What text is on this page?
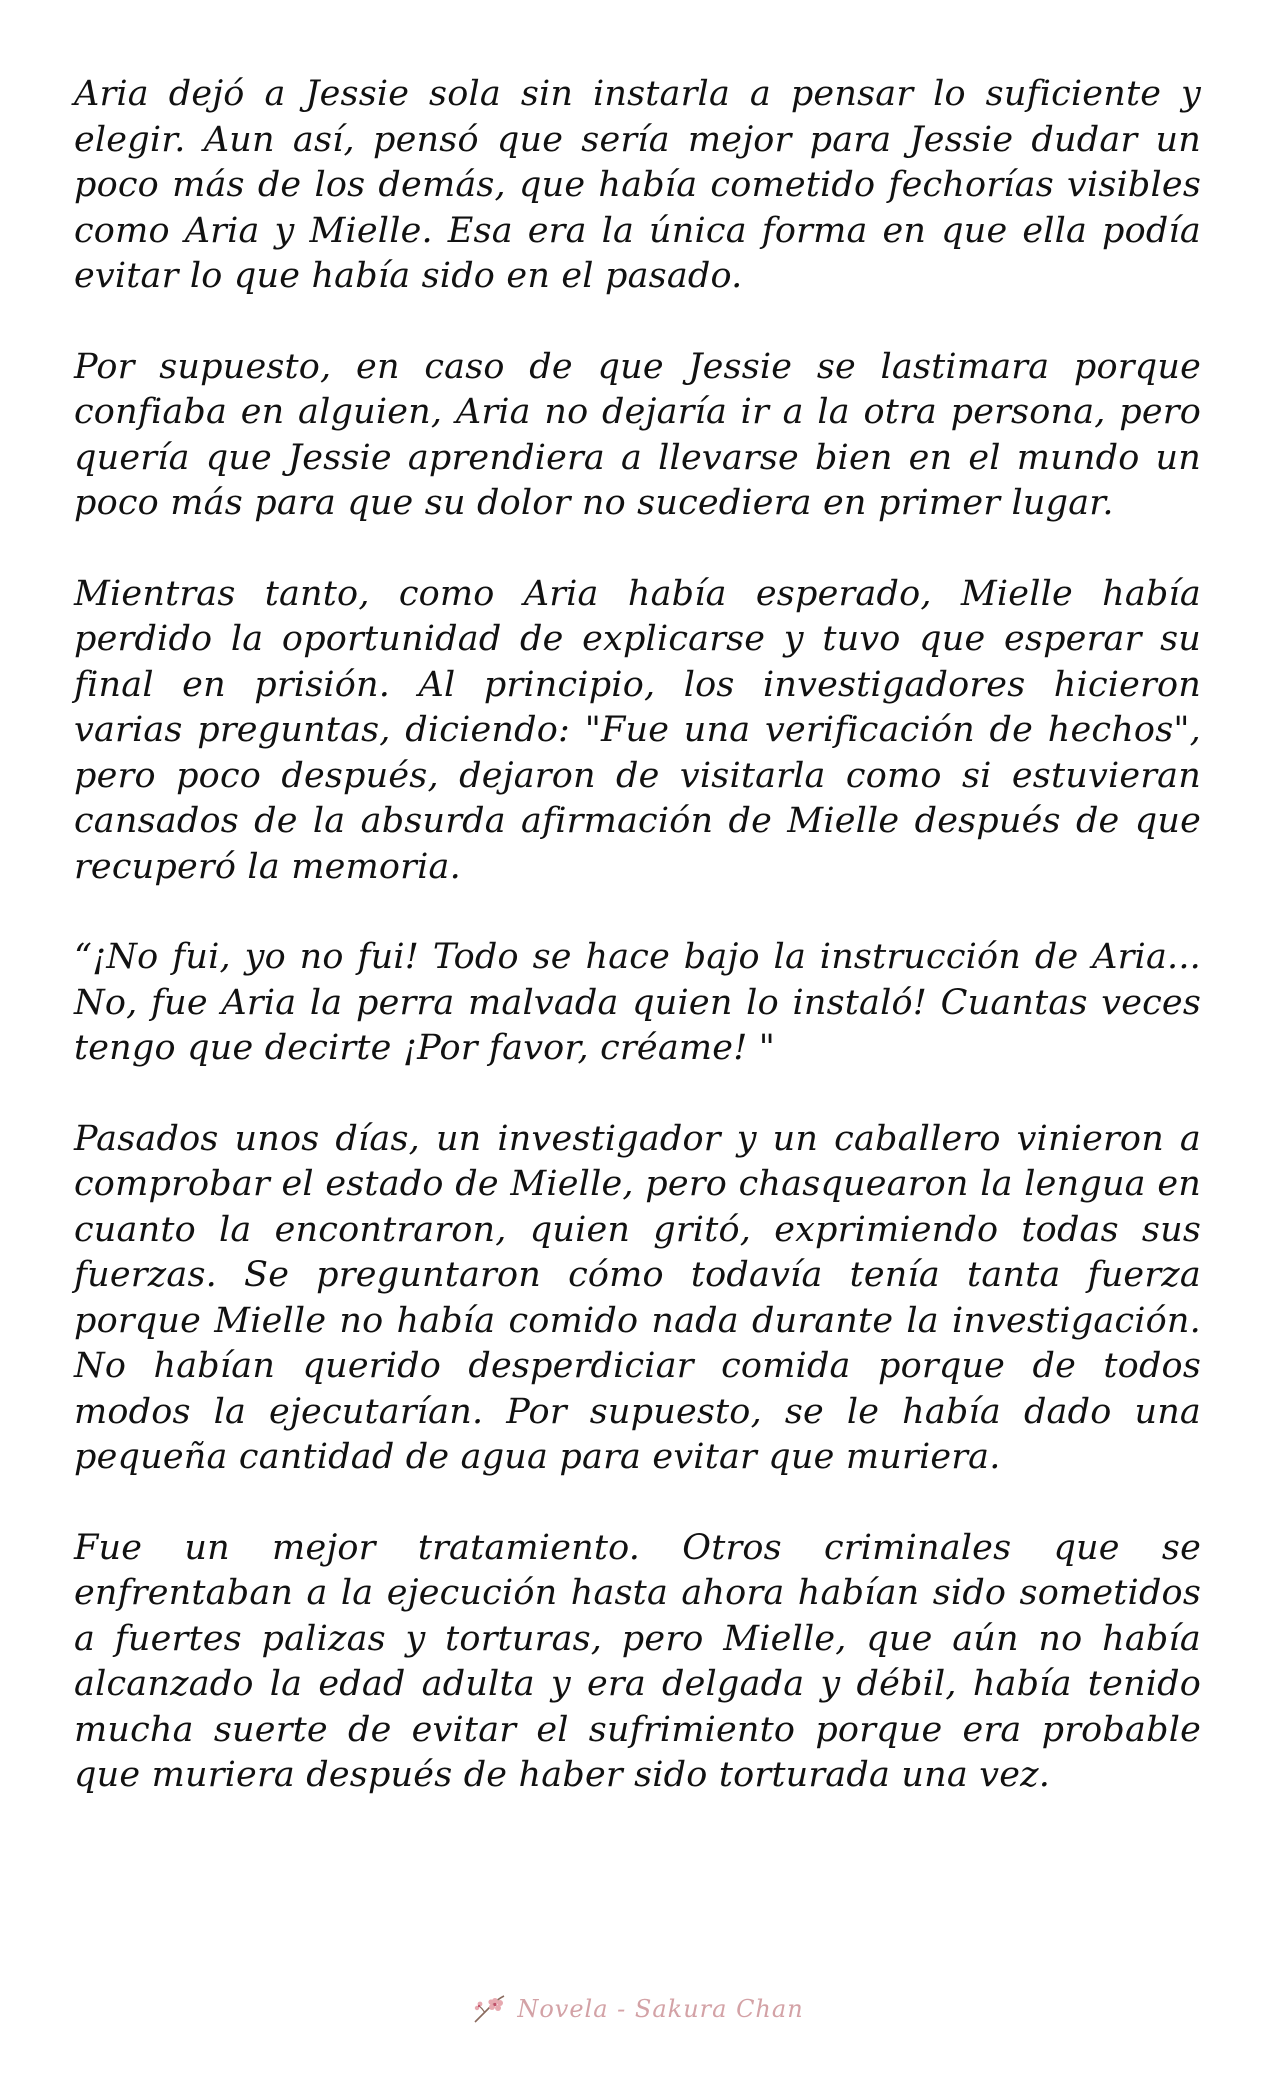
Aria dejó a Jessie sola sin instarla a pensar lo suficiente y elegir. Aun así, pensó que sería mejor para Jessie dudar un poco más de los demás, que había cometido fechorías visibles como Aria y Mielle. Esa era la única forma en que ella podía evitar lo que había sido en el pasado.

Por supuesto, en caso de que Jessie se lastimara porque confiaba en alguien, Aria no dejaría ir a la otra persona, pero quería que Jessie aprendiera a llevarse bien en el mundo un poco más para que su dolor no sucediera en primer lugar.

Mientras tanto, como Aria había esperado, Mielle había perdido la oportunidad de explicarse y tuvo que esperar su final en prisión. Al principio, los investigadores hicieron varias preguntas, diciendo: "Fue una verificación de hechos", pero poco después, dejaron de visitarla como si estuvieran cansados de la absurda afirmación de Mielle después de que recuperó la memoria.

“¡No fui, yo no fui! Todo se hace bajo la instrucción de Aria... No, fue Aria la perra malvada quien lo instaló! Cuantas veces tengo que decirte ¡Por favor, créame! "

Pasados unos días, un investigador y un caballero vinieron a comprobar el estado de Mielle, pero chasquearon la lengua en cuanto la encontraron, quien gritó, exprimiendo todas sus fuerzas. Se preguntaron cómo todavía tenía tanta fuerza porque Mielle no había comido nada durante la investigación. No habían querido desperdiciar comida porque de todos modos la ejecutarían. Por supuesto, se le había dado una pequeña cantidad de agua para evitar que muriera.

Fue un mejor tratamiento. Otros criminales que se enfrentaban a la ejecución hasta ahora habían sido sometidos a fuertes palizas y torturas, pero Mielle, que aún no había alcanzado la edad adulta y era delgada y débil, había tenido mucha suerte de evitar el sufrimiento porque era probable que muriera después de haber sido torturada una vez.

Novela - Sakura Chan
